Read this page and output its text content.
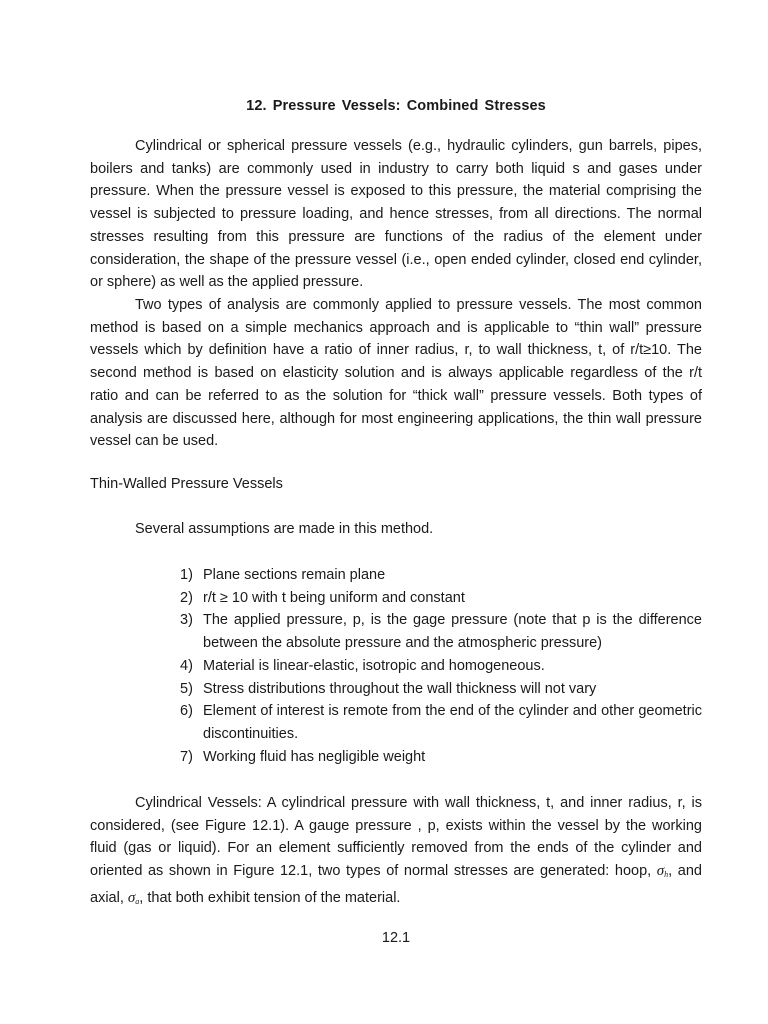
12. Pressure Vessels: Combined Stresses

Cylindrical or spherical pressure vessels (e.g., hydraulic cylinders, gun barrels, pipes, boilers and tanks) are commonly used in industry to carry both liquid s and gases under pressure. When the pressure vessel is exposed to this pressure, the material comprising the vessel is subjected to pressure loading, and hence stresses, from all directions. The normal stresses resulting from this pressure are functions of the radius of the element under consideration, the shape of the pressure vessel (i.e., open ended cylinder, closed end cylinder, or sphere) as well as the applied pressure.

Two types of analysis are commonly applied to pressure vessels. The most common method is based on a simple mechanics approach and is applicable to “thin wall” pressure vessels which by definition have a ratio of inner radius, r, to wall thickness, t, of r/t≥10. The second method is based on elasticity solution and is always applicable regardless of the r/t ratio and can be referred to as the solution for “thick wall” pressure vessels. Both types of analysis are discussed here, although for most engineering applications, the thin wall pressure vessel can be used.

Thin-Walled Pressure Vessels
Several assumptions are made in this method.
1) Plane sections remain plane
2) r/t ≥ 10 with t being uniform and constant
3) The applied pressure, p, is the gage pressure (note that p is the difference between the absolute pressure and the atmospheric pressure)
4) Material is linear-elastic, isotropic and homogeneous.
5) Stress distributions throughout the wall thickness will not vary
6) Element of interest is remote from the end of the cylinder and other geometric discontinuities.
7) Working fluid has negligible weight

Cylindrical Vessels: A cylindrical pressure with wall thickness, t, and inner radius, r, is considered, (see Figure 12.1). A gauge pressure , p, exists within the vessel by the working fluid (gas or liquid). For an element sufficiently removed from the ends of the cylinder and oriented as shown in Figure 12.1, two types of normal stresses are generated: hoop, $\sigma_h$, and axial, $\sigma_a$, that both exhibit tension of the material.

12.1
